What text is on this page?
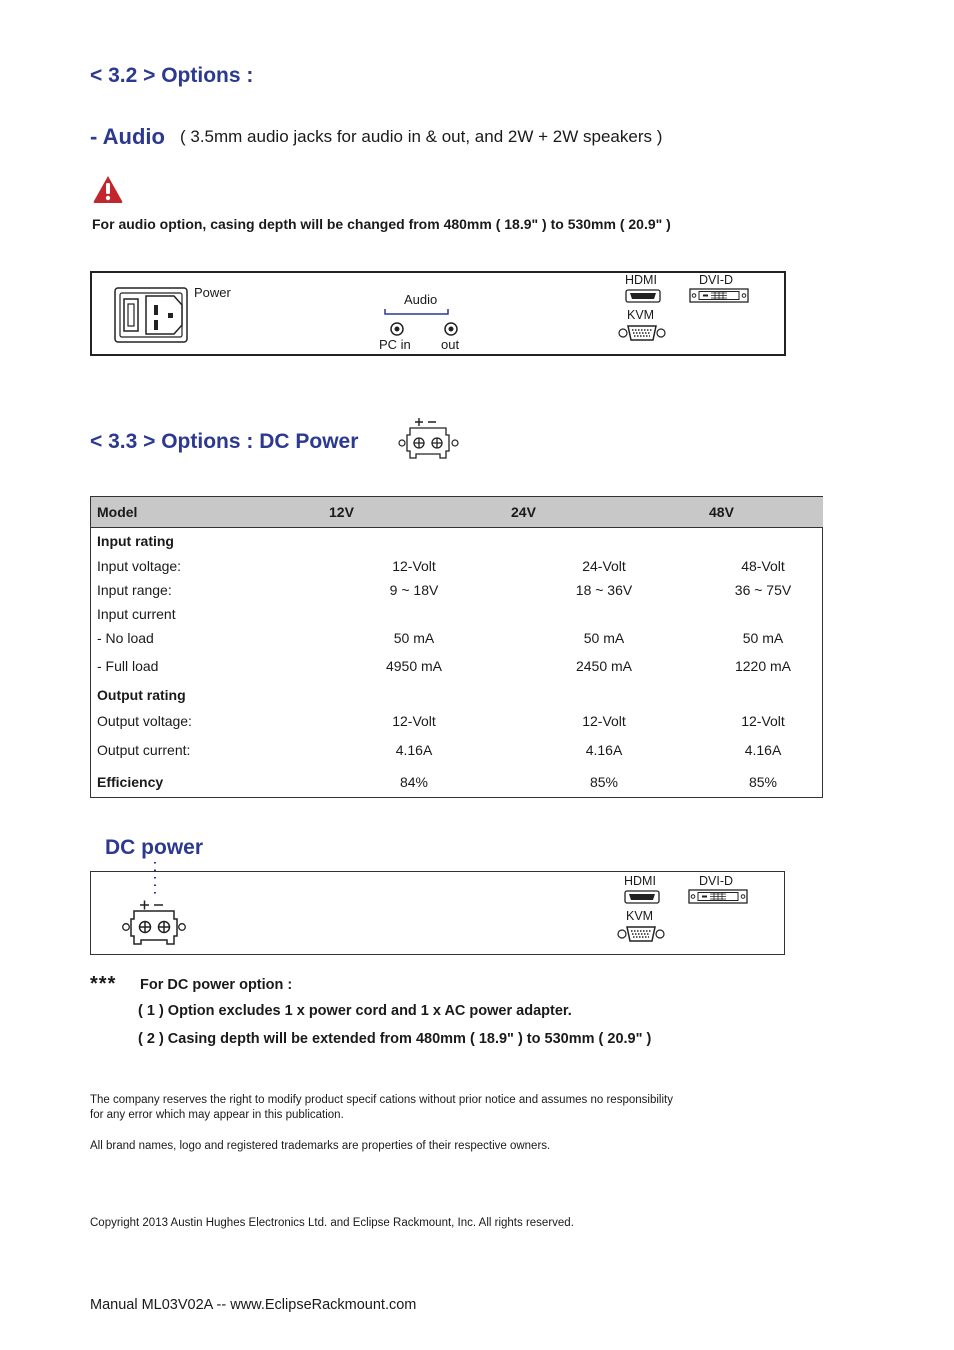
< 3.2 > Options :
- Audio ( 3.5mm audio jacks for audio in & out, and 2W + 2W speakers )
For audio option, casing depth will be changed from 480mm ( 18.9" ) to 530mm ( 20.9" )
Power	Audio
PC in out
HDMI	DVI-D
KVM
< 3.3 > Options : DC Power
Model	12V	24V	48V
Input rating			
Input voltage:	12-Volt	24-Volt	48-Volt
Input range:	9 ~ 18V	18 ~ 36V	36 ~ 75V
Input current			
- No load	50 mA	50 mA	50 mA
- Full load	4950 mA	2450 mA	1220 mA
Output rating			
Output voltage:	12-Volt	12-Volt	12-Volt
Output current:	4.16A	4.16A	4.16A
Efficiency	84%	85%	85%
DC power
HDMI	DVI-D
KVM
*** For DC power option :
( 1 ) Option excludes 1 x power cord and 1 x AC power adapter.
( 2 ) Casing depth will be extended from 480mm ( 18.9" ) to 530mm ( 20.9" )
The company reserves the right to modify product specif cations without prior notice and assumes no responsibility
for any error which may appear in this publication.
All brand names, logo and registered trademarks are properties of their respective owners.
Copyright 2013 Austin Hughes Electronics Ltd. and Eclipse Rackmount, Inc. All rights reserved.
Manual ML03V02A -- www.EclipseRackmount.com
